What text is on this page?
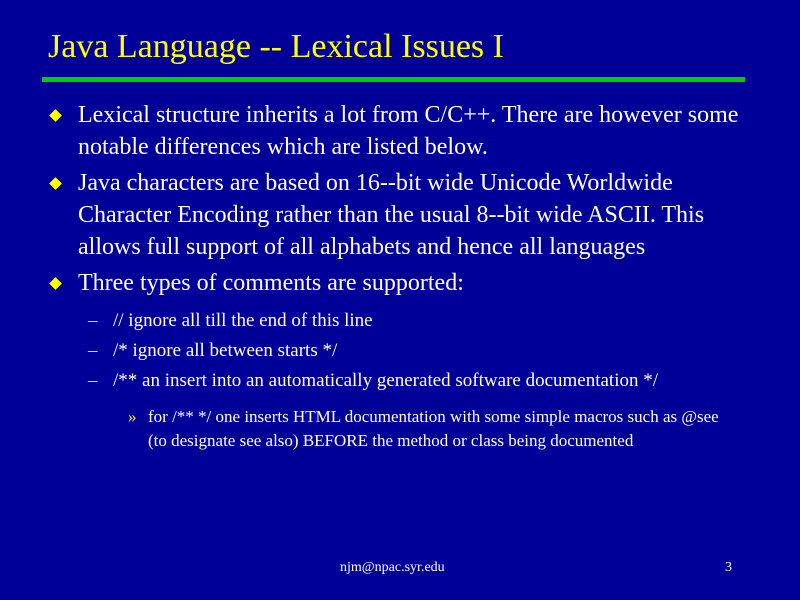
Java Language -- Lexical Issues I
Lexical structure inherits a lot from C/C++. There are however some notable differences which are listed below.
Java characters are based on 16--bit wide Unicode Worldwide Character Encoding rather than the usual 8--bit wide ASCII. This allows full support of all alphabets and hence all languages
Three types of comments are supported:
– // ignore all till the end of this line
– /* ignore all between starts */
– /** an insert into an automatically generated software documentation */
» for /** */ one inserts HTML documentation with some simple macros such as @see (to designate see also) BEFORE the method or class being documented
njm@npac.syr.edu	3
